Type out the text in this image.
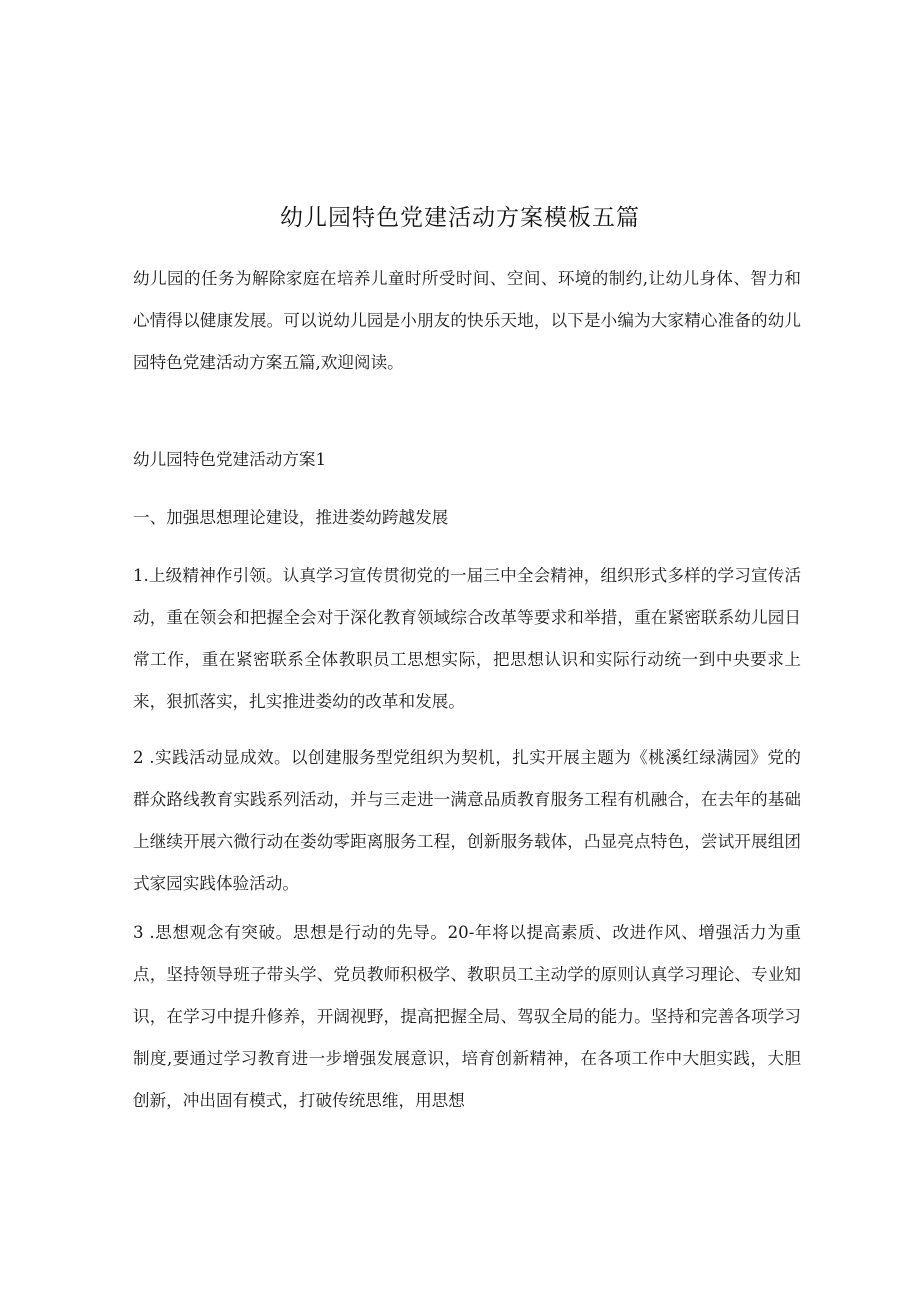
幼儿园特色党建活动方案模板五篇
幼儿园的任务为解除家庭在培养儿童时所受时间、空间、环境的制约,让幼儿身体、智力和心情得以健康发展。可以说幼儿园是小朋友的快乐天地，以下是小编为大家精心准备的幼儿园特色党建活动方案五篇,欢迎阅读。
幼儿园特色党建活动方案1
一、加强思想理论建设，推进娄幼跨越发展
1.上级精神作引领。认真学习宣传贯彻党的一届三中全会精神，组织形式多样的学习宣传活动，重在领会和把握全会对于深化教育领域综合改革等要求和举措，重在紧密联系幼儿园日常工作，重在紧密联系全体教职员工思想实际，把思想认识和实际行动统一到中央要求上来，狠抓落实，扎实推进娄幼的改革和发展。
2 .实践活动显成效。以创建服务型党组织为契机，扎实开展主题为《桃溪红绿满园》党的群众路线教育实践系列活动，并与三走进一满意品质教育服务工程有机融合，在去年的基础上继续开展六微行动在娄幼零距离服务工程，创新服务载体，凸显亮点特色，尝试开展组团式家园实践体验活动。
3 .思想观念有突破。思想是行动的先导。20-年将以提高素质、改进作风、增强活力为重点，坚持领导班子带头学、党员教师积极学、教职员工主动学的原则认真学习理论、专业知识，在学习中提升修养，开阔视野，提高把握全局、驾驭全局的能力。坚持和完善各项学习制度,要通过学习教育进一步增强发展意识，培育创新精神，在各项工作中大胆实践，大胆创新，冲出固有模式，打破传统思维，用思想
